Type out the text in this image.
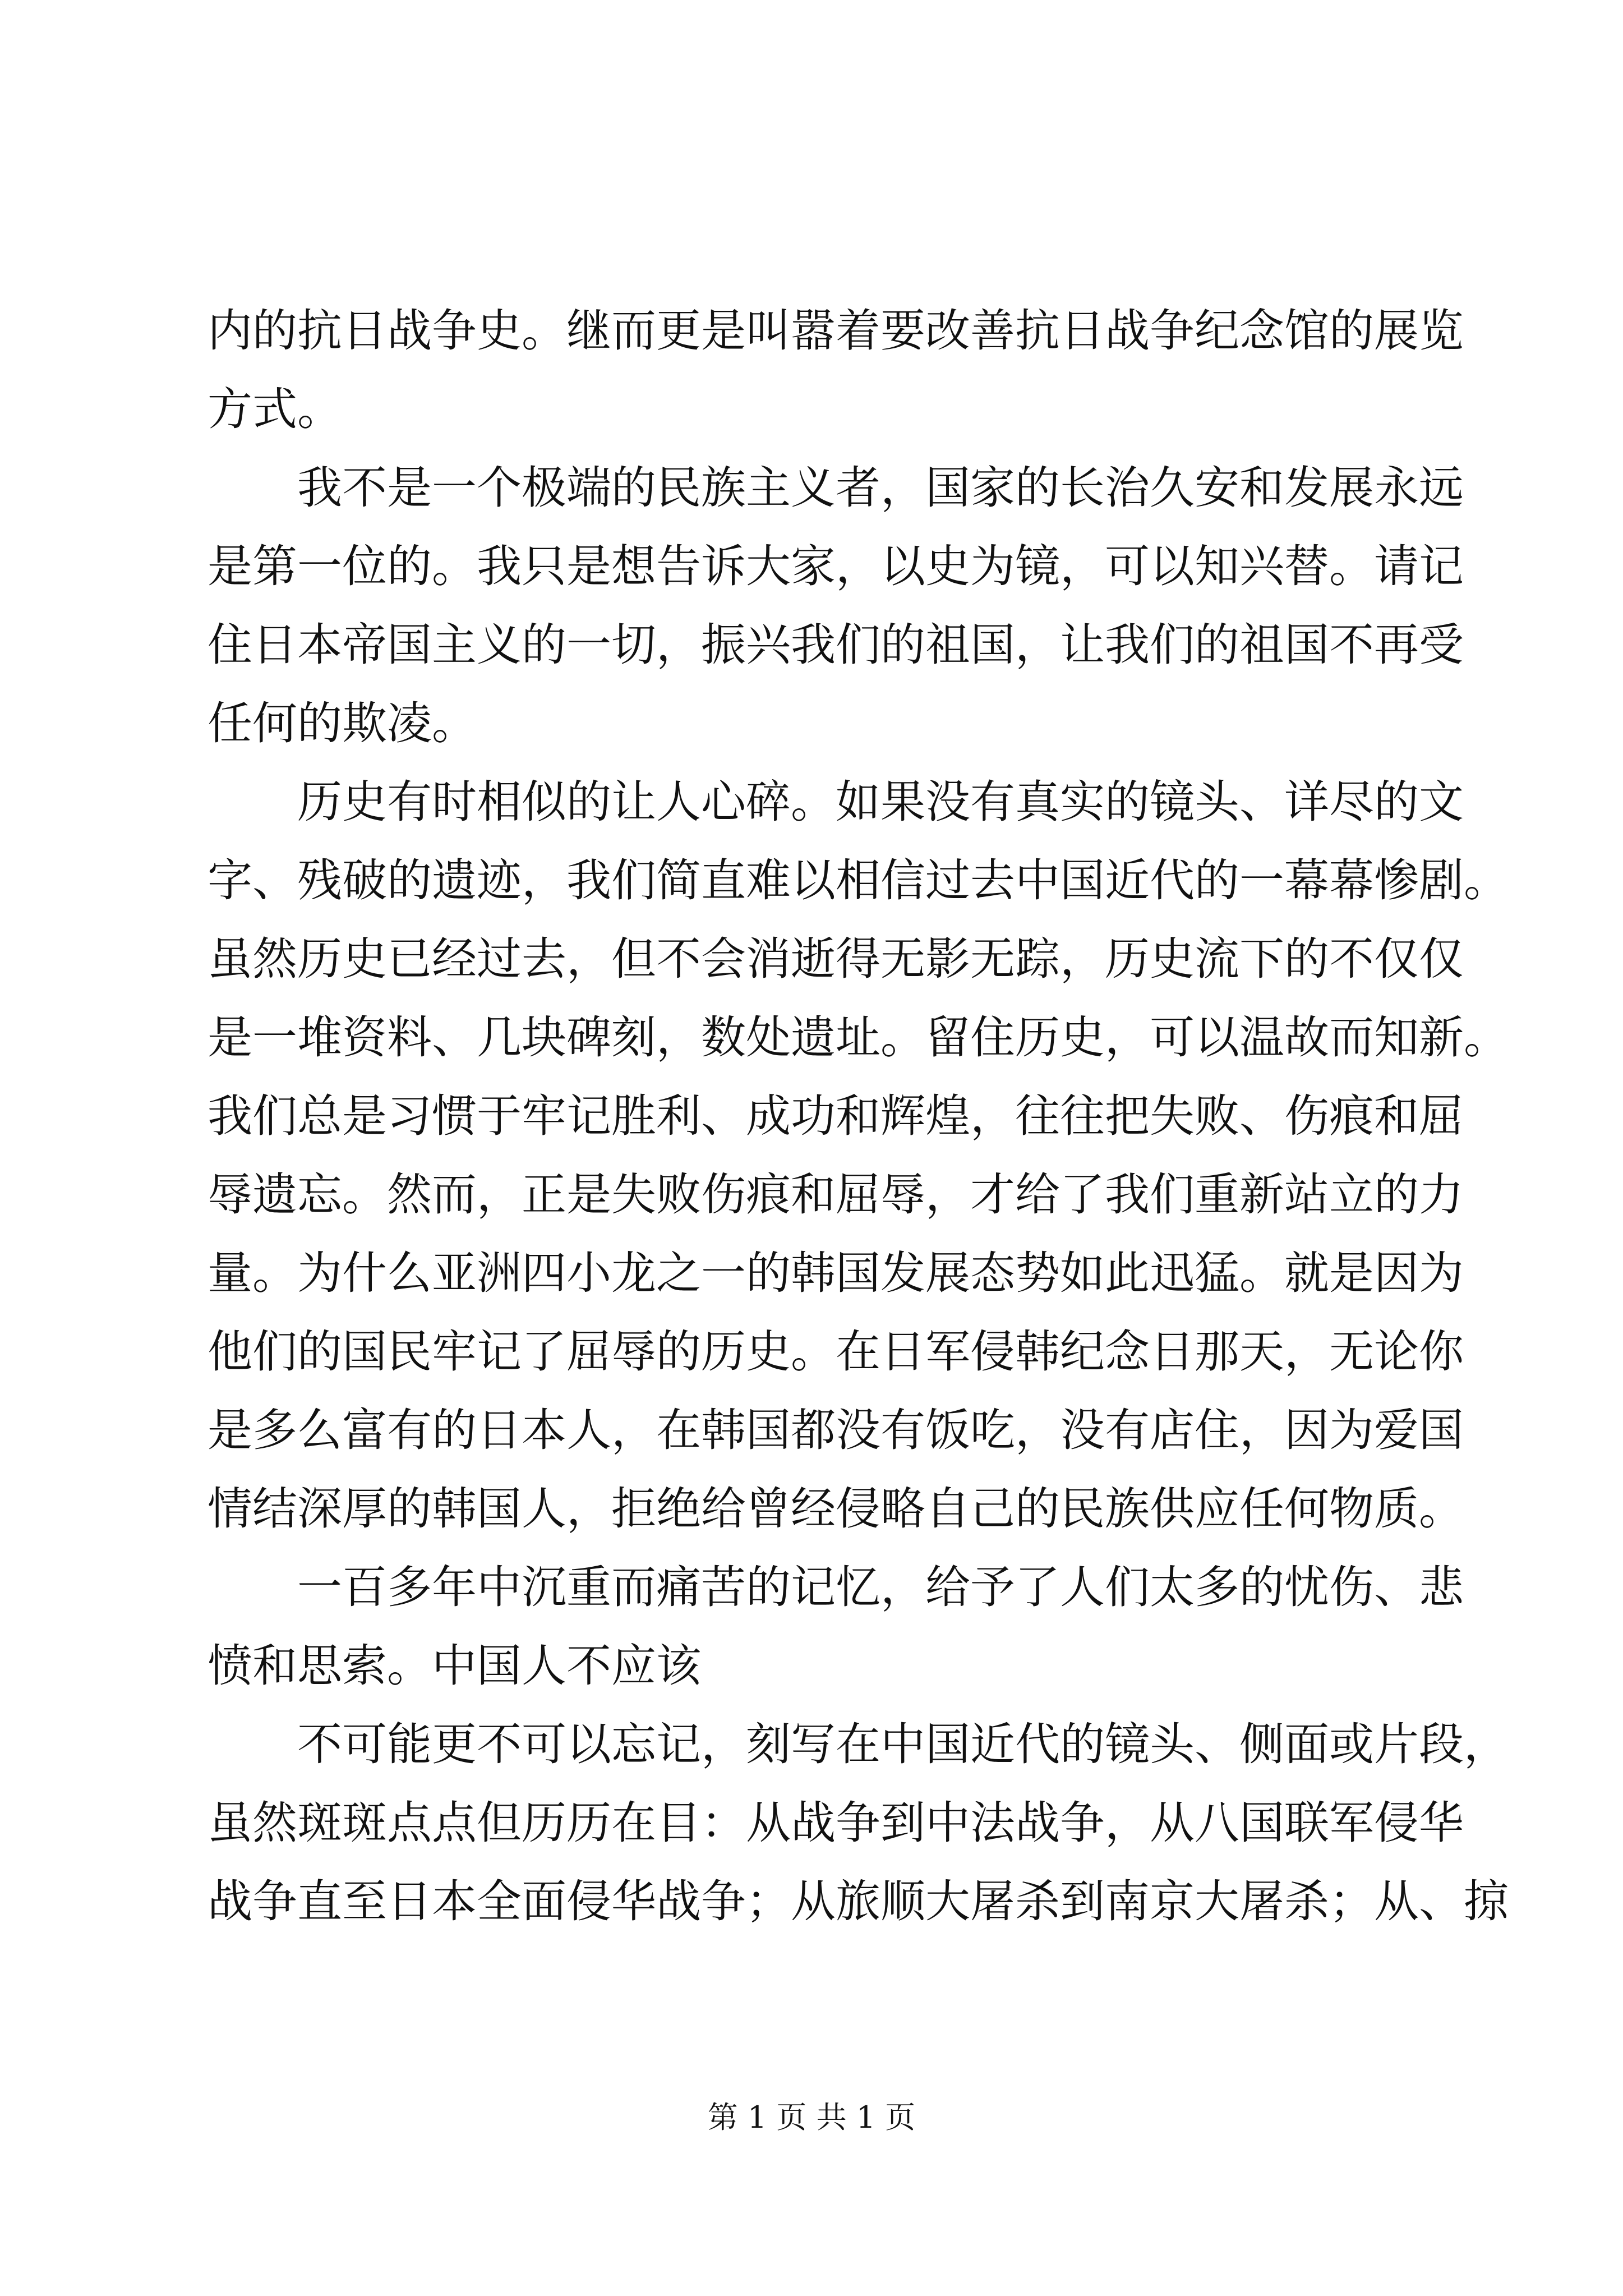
内的抗日战争史。继而更是叫嚣着要改善抗日战争纪念馆的展览
方式。
我不是一个极端的民族主义者，国家的长治久安和发展永远
是第一位的。我只是想告诉大家，以史为镜，可以知兴替。请记
住日本帝国主义的一切，振兴我们的祖国，让我们的祖国不再受
任何的欺凌。
历史有时相似的让人心碎。如果没有真实的镜头、详尽的文
字、残破的遗迹，我们简直难以相信过去中国近代的一幕幕惨剧。
虽然历史已经过去，但不会消逝得无影无踪，历史流下的不仅仅
是一堆资料、几块碑刻，数处遗址。留住历史，可以温故而知新。
我们总是习惯于牢记胜利、成功和辉煌，往往把失败、伤痕和屈
辱遗忘。然而，正是失败伤痕和屈辱，才给了我们重新站立的力
量。为什么亚洲四小龙之一的韩国发展态势如此迅猛。就是因为
他们的国民牢记了屈辱的历史。在日军侵韩纪念日那天，无论你
是多么富有的日本人，在韩国都没有饭吃，没有店住，因为爱国
情结深厚的韩国人，拒绝给曾经侵略自己的民族供应任何物质。
一百多年中沉重而痛苦的记忆，给予了人们太多的忧伤、悲
愤和思索。中国人不应该
不可能更不可以忘记，刻写在中国近代的镜头、侧面或片段，
虽然斑斑点点但历历在目：从战争到中法战争，从八国联军侵华
战争直至日本全面侵华战争；从旅顺大屠杀到南京大屠杀；从、掠
第 1 页 共 1 页
